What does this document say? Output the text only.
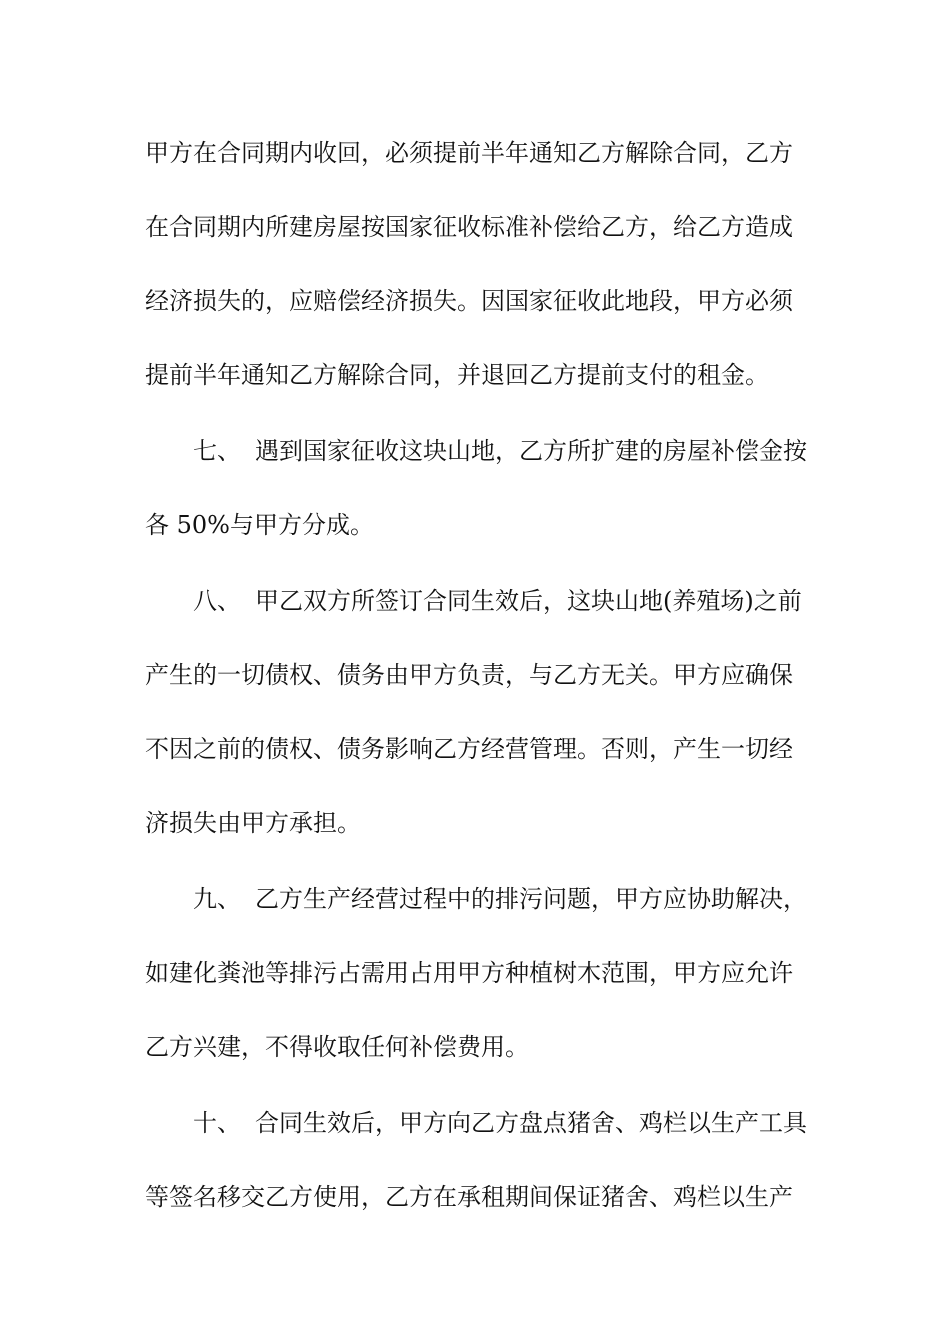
甲方在合同期内收回，必须提前半年通知乙方解除合同，乙方
在合同期内所建房屋按国家征收标准补偿给乙方，给乙方造成
经济损失的，应赔偿经济损失。因国家征收此地段，甲方必须
提前半年通知乙方解除合同，并退回乙方提前支付的租金。
七、 遇到国家征收这块山地，乙方所扩建的房屋补偿金按
各 50%与甲方分成。
八、 甲乙双方所签订合同生效后，这块山地(养殖场)之前
产生的一切债权、债务由甲方负责，与乙方无关。甲方应确保
不因之前的债权、债务影响乙方经营管理。否则，产生一切经
济损失由甲方承担。
九、 乙方生产经营过程中的排污问题，甲方应协助解决，
如建化粪池等排污占需用占用甲方种植树木范围，甲方应允许
乙方兴建，不得收取任何补偿费用。
十、 合同生效后，甲方向乙方盘点猪舍、鸡栏以生产工具
等签名移交乙方使用，乙方在承租期间保证猪舍、鸡栏以生产
